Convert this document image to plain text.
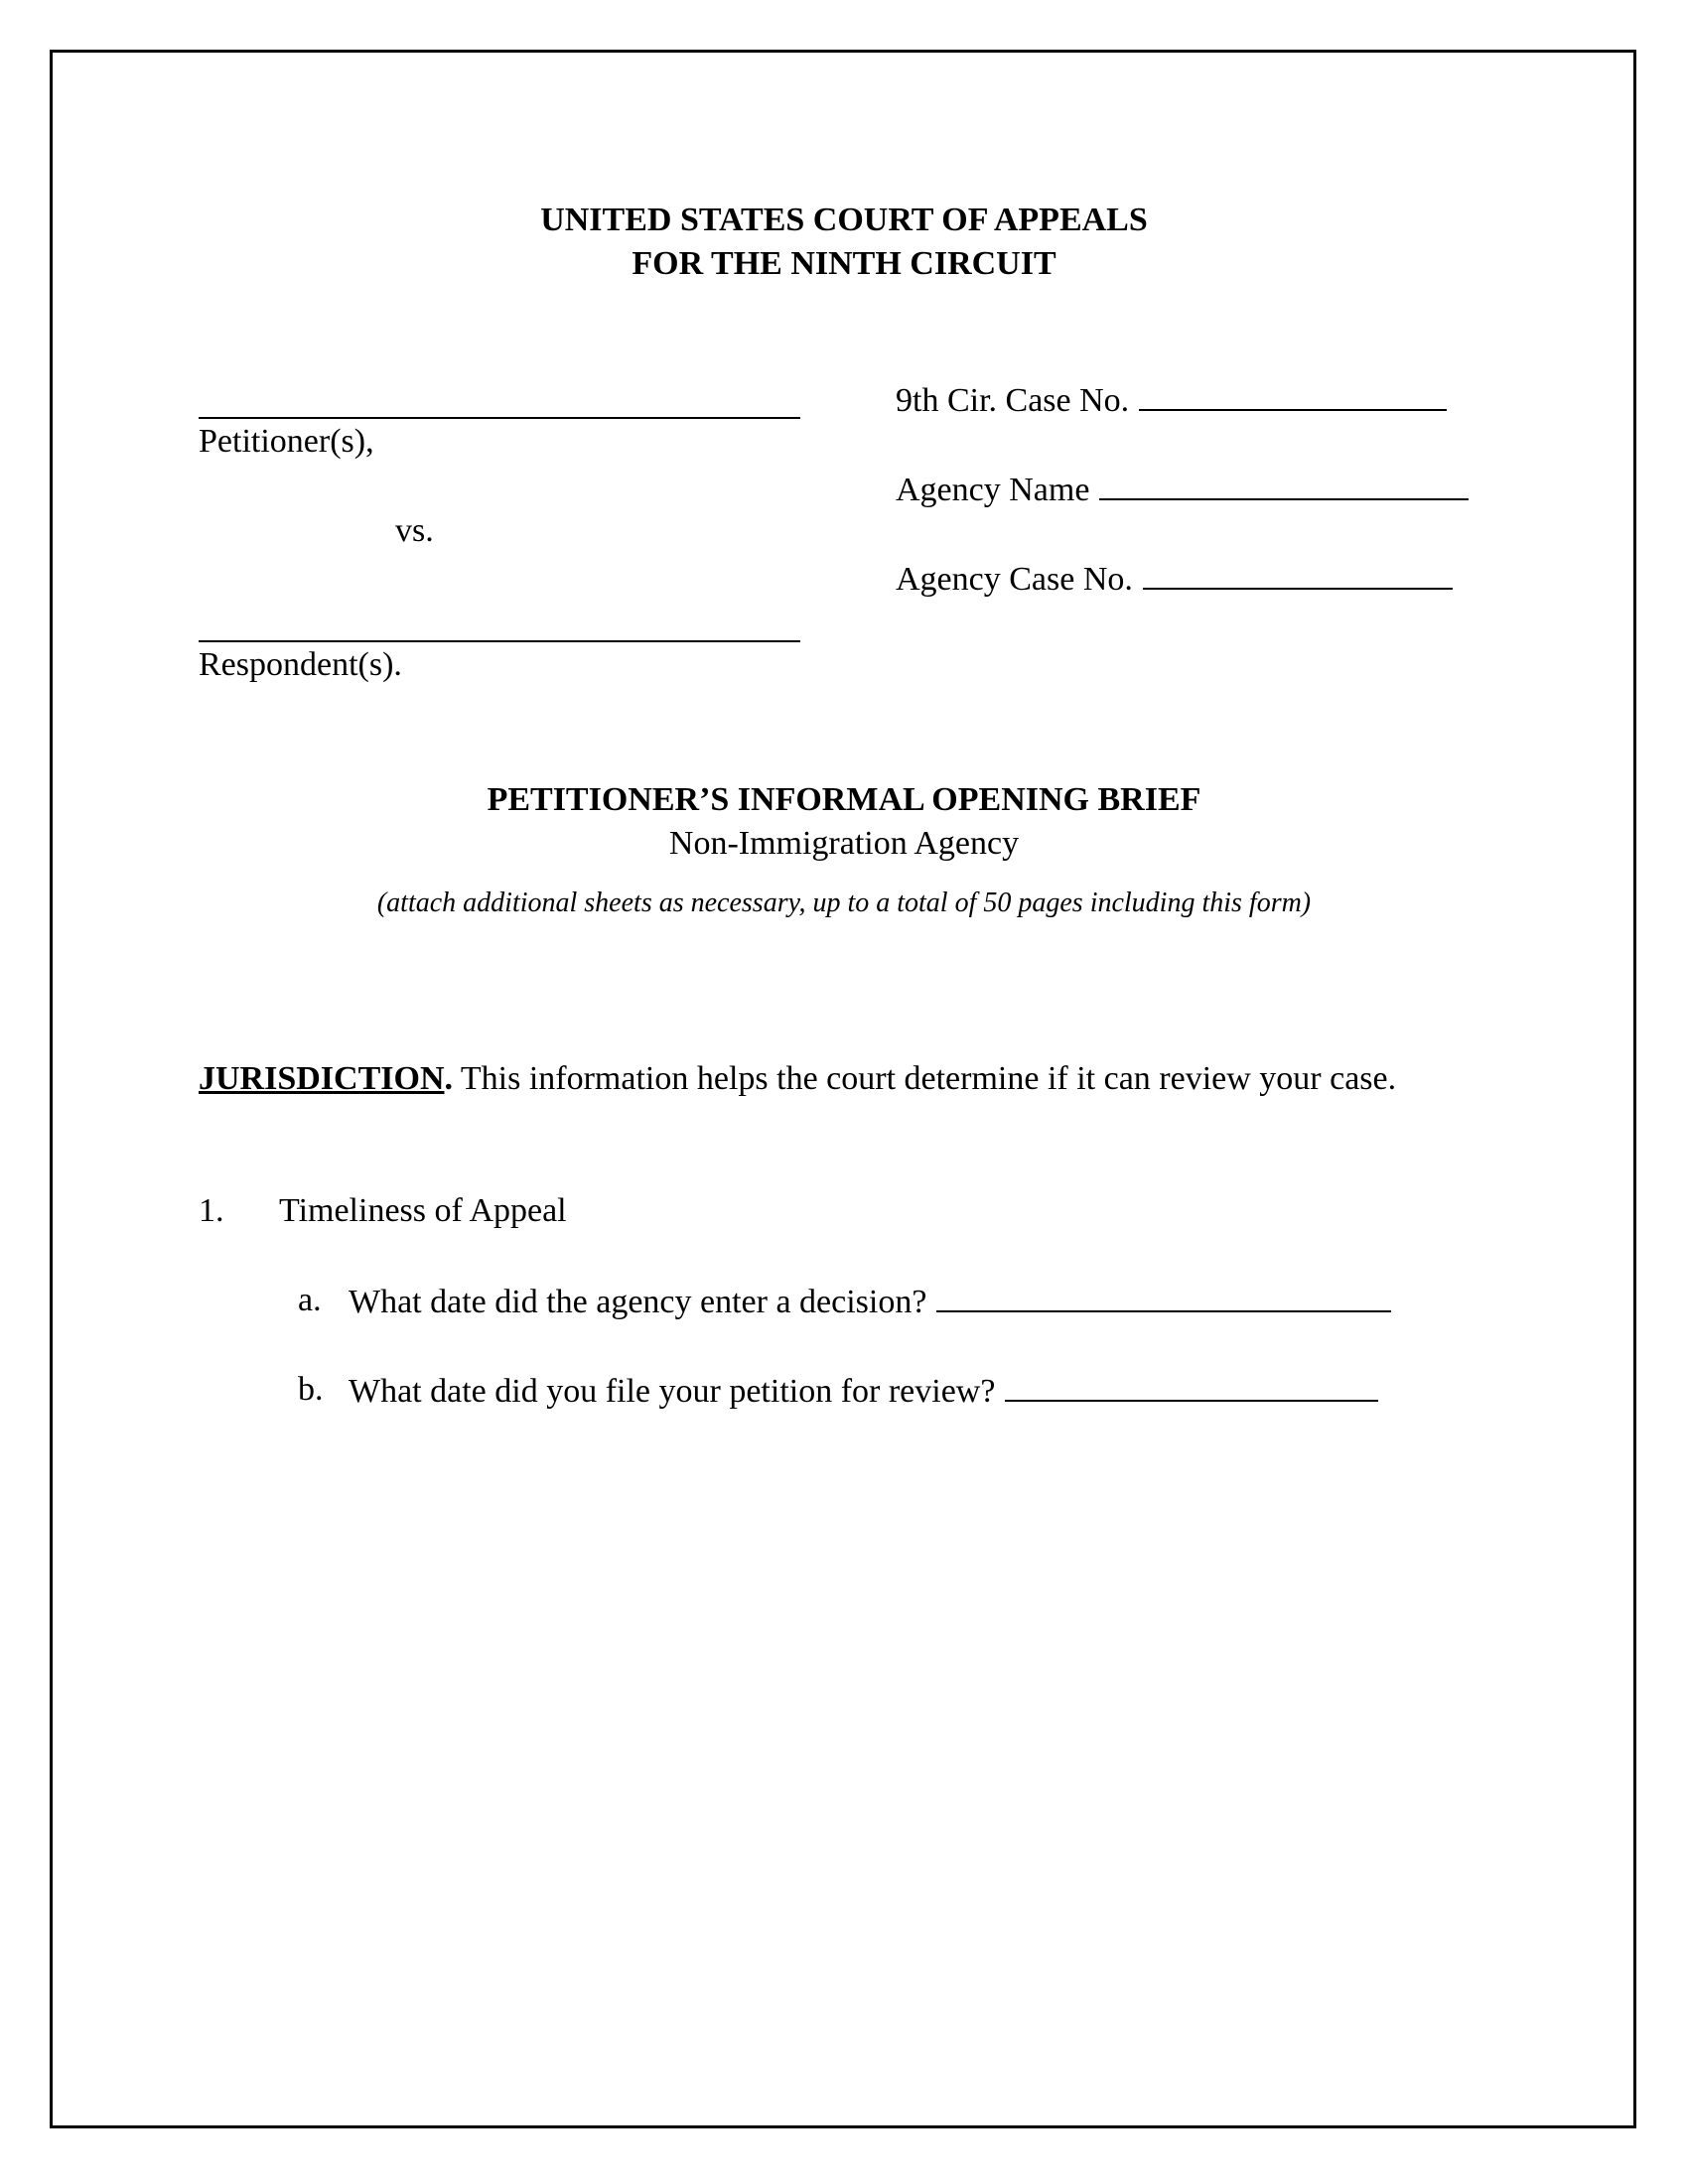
UNITED STATES COURT OF APPEALS
FOR THE NINTH CIRCUIT
Petitioner(s),
vs.
Respondent(s).
9th Cir. Case No.
Agency Name
Agency Case No.
PETITIONER’S INFORMAL OPENING BRIEF
Non-Immigration Agency
(attach additional sheets as necessary, up to a total of 50 pages including this form)
JURISDICTION. This information helps the court determine if it can review your case.
1. Timeliness of Appeal
a. What date did the agency enter a decision?
b. What date did you file your petition for review?
